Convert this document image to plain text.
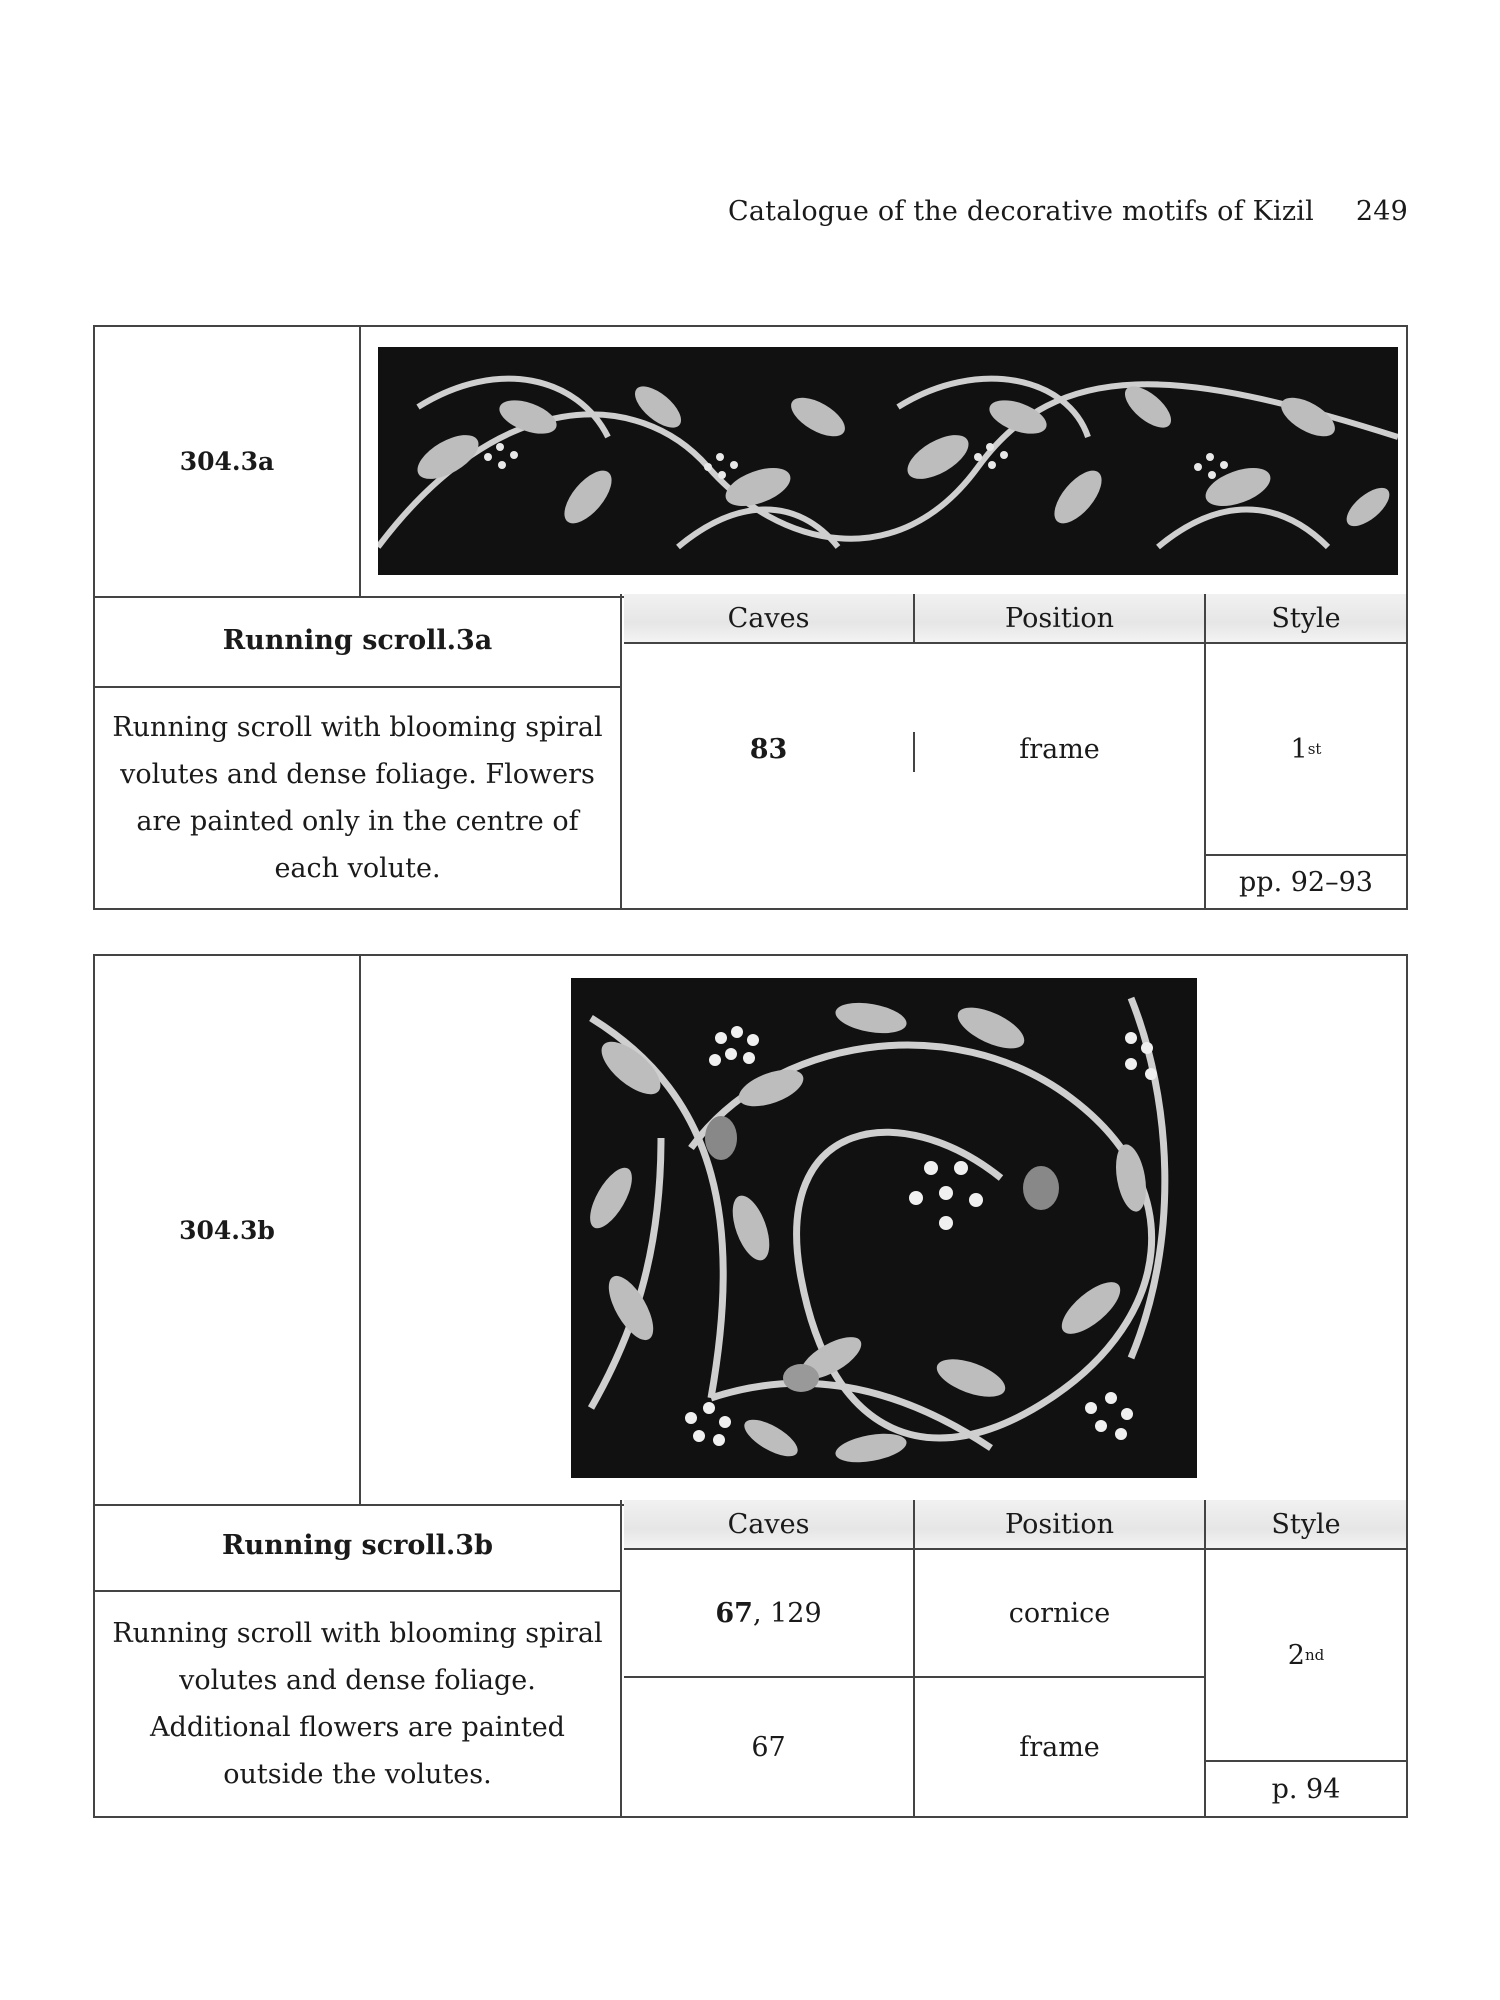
Catalogue of the decorative motifs of Kizil 249
304.3a
Running scroll.3a
Running scroll with blooming spiral volutes and dense foliage. Flowers are painted only in the centre of each volute.
Caves	Position	Style
83	frame	1 st
pp. 92–93
304.3b
Running scroll.3b
Running scroll with blooming spiral volutes and dense foliage. Additional flowers are painted outside the volutes.
Caves	Position	Style
67 , 129	cornice
67	frame
2 nd
p. 94
